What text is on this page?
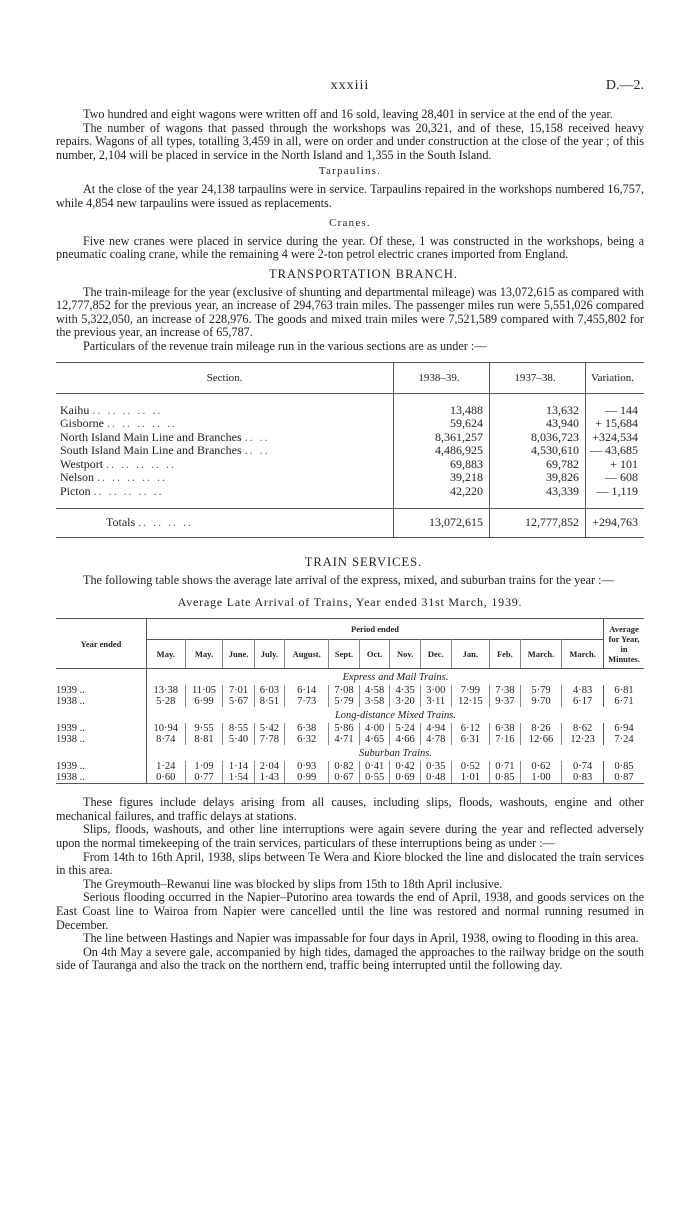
xxxiii	D.—2.

Two hundred and eight wagons were written off and 16 sold, leaving 28,401 in service at the end of the year.

The number of wagons that passed through the workshops was 20,321, and of these, 15,158 received heavy repairs. Wagons of all types, totalling 3,459 in all, were on order and under construction at the close of the year ; of this number, 2,104 will be placed in service in the North Island and 1,355 in the South Island.

Tarpaulins.

At the close of the year 24,138 tarpaulins were in service. Tarpaulins repaired in the workshops numbered 16,757, while 4,854 new tarpaulins were issued as replacements.

Cranes.

Five new cranes were placed in service during the year. Of these, 1 was constructed in the workshops, being a pneumatic coaling crane, while the remaining 4 were 2-ton petrol electric cranes imported from England.

TRANSPORTATION BRANCH.

The train-mileage for the year (exclusive of shunting and departmental mileage) was 13,072,615 as compared with 12,777,852 for the previous year, an increase of 294,763 train miles. The passenger miles run were 5,551,026 compared with 5,322,050, an increase of 228,976. The goods and mixed train miles were 7,521,589 compared with 7,455,802 for the previous year, an increase of 65,787.

Particulars of the revenue train mileage run in the various sections are as under :—

Section.	1938–39.	1937–38.	Variation.

Kaihu .. .. .. .. ..	13,488	13,632	— 144
Gisborne .. .. .. .. ..	59,624	43,940	+ 15,684
North Island Main Line and Branches .. ..	8,361,257	8,036,723	+324,534
South Island Main Line and Branches .. ..	4,486,925	4,530,610	— 43,685
Westport .. .. .. .. ..	69,883	69,782	+ 101
Nelson .. .. .. .. ..	39,218	39,826	— 608
Picton .. .. .. .. ..	42,220	43,339	— 1,119

Totals .. .. .. ..	13,072,615	12,777,852	+294,763

TRAIN SERVICES.

The following table shows the average late arrival of the express, mixed, and suburban trains for the year :—

Average Late Arrival of Trains, Year ended 31st March, 1939.
Year ended	Period ended													Average for Year, in Minutes.
	May.	May.	June.	July.	August.	Sept.	Oct.	Nov.	Dec.	Jan.	Feb.	March.	March.	
	Express and Mail Trains.													
1939 ..	13·38	11·05	7·01	6·03	6·14	7·08	4·58	4·35	3·00	7·99	7·38	5·79	4·83	6·81
1938 ..	5·28	6·99	5·67	8·51	7·73	5·79	3·58	3·20	3·11	12·15	9·37	9·70	6·17	6·71
	Long-distance Mixed Trains.													
1939 ..	10·94	9·55	8·55	5·42	6·38	5·86	4·00	5·24	4·94	6·12	6·38	8·26	8·62	6·94
1938 ..	8·74	8·81	5·40	7·78	6·32	4·71	4·65	4·66	4·78	6·31	7·16	12·66	12·23	7·24
	Suburban Trains.													
1939 ..	1·24	1·09	1·14	2·04	0·93	0·82	0·41	0·42	0·35	0·52	0·71	0·62	0·74	0·85
1938 ..	0·60	0·77	1·54	1·43	0·99	0·67	0·55	0·69	0·48	1·01	0·85	1·00	0·83	0·87

These figures include delays arising from all causes, including slips, floods, washouts, engine and other mechanical failures, and traffic delays at stations.

Slips, floods, washouts, and other line interruptions were again severe during the year and reflected adversely upon the normal timekeeping of the train services, particulars of these interruptions being as under :—

From 14th to 16th April, 1938, slips between Te Wera and Kiore blocked the line and dislocated the train services in this area.

The Greymouth–Rewanui line was blocked by slips from 15th to 18th April inclusive.

Serious flooding occurred in the Napier–Putorino area towards the end of April, 1938, and goods services on the East Coast line to Wairoa from Napier were cancelled until the line was restored and normal running resumed in December.

The line between Hastings and Napier was impassable for four days in April, 1938, owing to flooding in this area.

On 4th May a severe gale, accompanied by high tides, damaged the approaches to the railway bridge on the south side of Tauranga and also the track on the northern end, traffic being interrupted until the following day.
